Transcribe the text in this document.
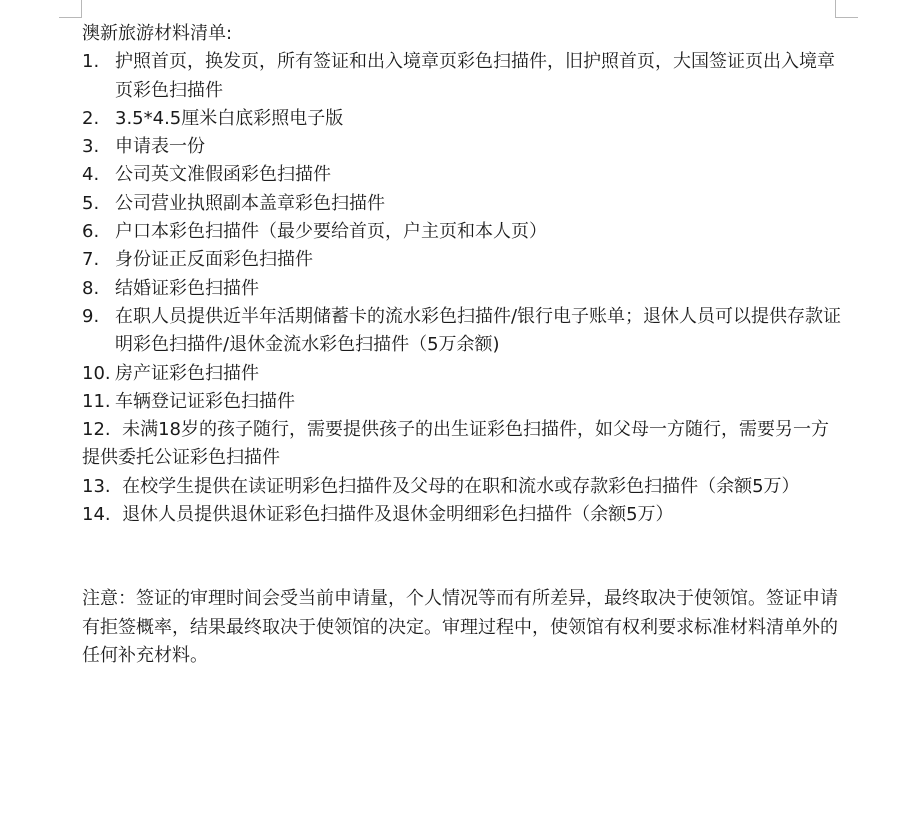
澳新旅游材料清单:

1. 护照首页，换发页，所有签证和出入境章页彩色扫描件，旧护照首页，大国签证页出入境章页彩色扫描件
2. 3.5*4.5厘米白底彩照电子版
3. 申请表一份
4. 公司英文准假函彩色扫描件
5. 公司营业执照副本盖章彩色扫描件
6. 户口本彩色扫描件（最少要给首页，户主页和本人页）
7. 身份证正反面彩色扫描件
8. 结婚证彩色扫描件
9. 在职人员提供近半年活期储蓄卡的流水彩色扫描件/银行电子账单；退休人员可以提供存款证明彩色扫描件/退休金流水彩色扫描件（5万余额)
10. 房产证彩色扫描件
11. 车辆登记证彩色扫描件
12.  未满18岁的孩子随行，需要提供孩子的出生证彩色扫描件，如父母一方随行，需要另一方提供委托公证彩色扫描件
13.  在校学生提供在读证明彩色扫描件及父母的在职和流水或存款彩色扫描件（余额5万）
14.  退休人员提供退休证彩色扫描件及退休金明细彩色扫描件（余额5万）

注意：签证的审理时间会受当前申请量，个人情况等而有所差异，最终取决于使领馆。签证申请有拒签概率，结果最终取决于使领馆的决定。审理过程中，使领馆有权利要求标准材料清单外的任何补充材料。
